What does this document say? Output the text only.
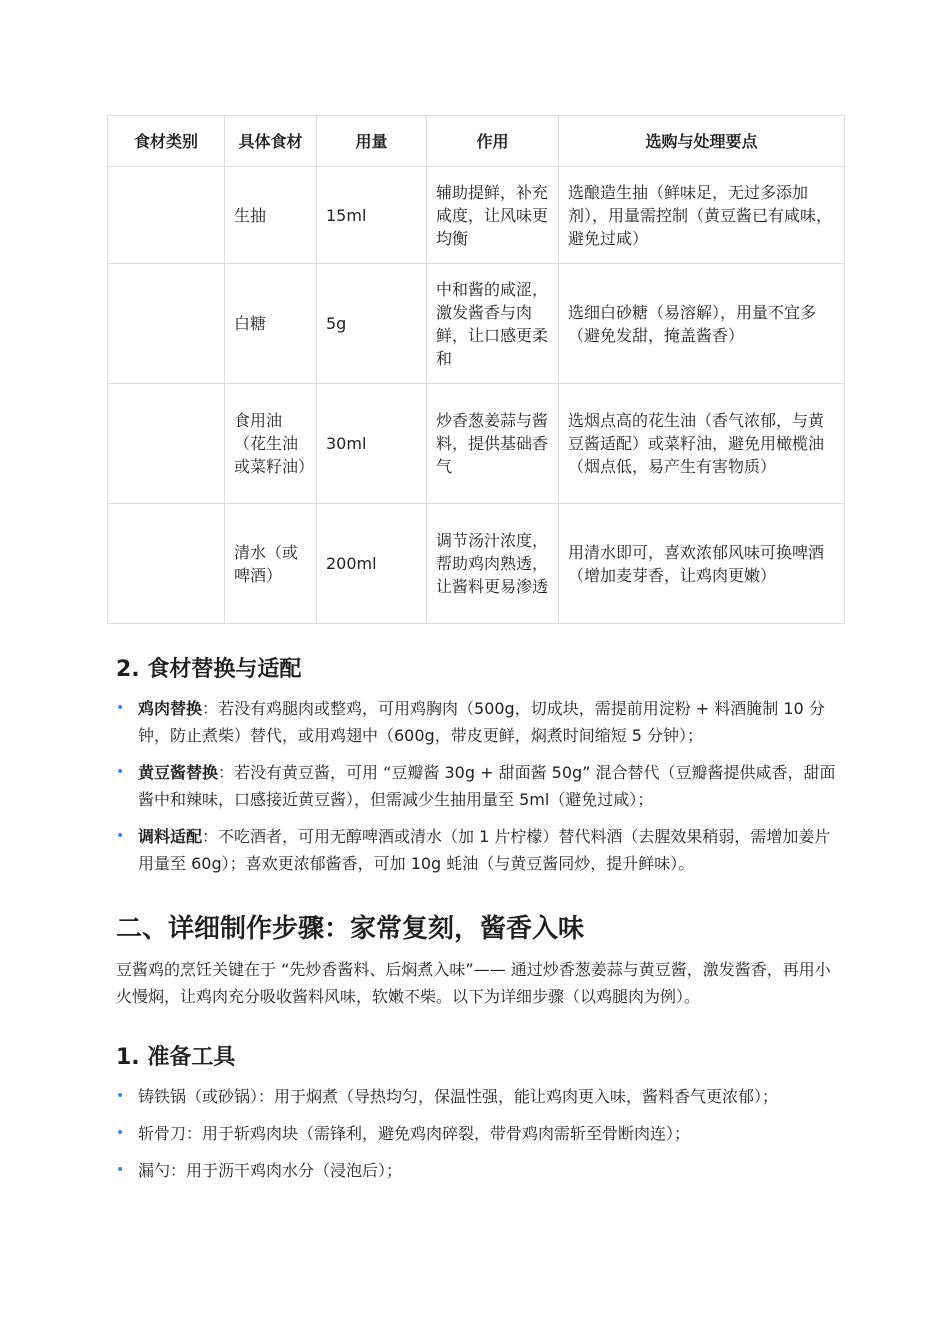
食材类别	具体食材	用量	作用	选购与处理要点
	生抽	15ml	辅助提鲜，补充咸度，让风味更均衡	选酿造生抽（鲜味足，无过多添加剂），用量需控制（黄豆酱已有咸味，避免过咸）
	白糖	5g	中和酱的咸涩，激发酱香与肉鲜，让口感更柔和	选细白砂糖（易溶解），用量不宜多（避免发甜，掩盖酱香）
	食用油（花生油或菜籽油）	30ml	炒香葱姜蒜与酱料，提供基础香气	选烟点高的花生油（香气浓郁，与黄豆酱适配）或菜籽油，避免用橄榄油（烟点低，易产生有害物质）
	清水（或啤酒）	200ml	调节汤汁浓度，帮助鸡肉熟透，让酱料更易渗透	用清水即可，喜欢浓郁风味可换啤酒（增加麦芽香，让鸡肉更嫩）
2. 食材替换与适配
• 鸡肉替换：若没有鸡腿肉或整鸡，可用鸡胸肉（500g，切成块，需提前用淀粉 + 料酒腌制 10 分钟，防止煮柴）替代，或用鸡翅中（600g，带皮更鲜，焖煮时间缩短 5 分钟）；
• 黄豆酱替换：若没有黄豆酱，可用 “豆瓣酱 30g + 甜面酱 50g” 混合替代（豆瓣酱提供咸香，甜面酱中和辣味，口感接近黄豆酱），但需减少生抽用量至 5ml（避免过咸）；
• 调料适配：不吃酒者，可用无醇啤酒或清水（加 1 片柠檬）替代料酒（去腥效果稍弱，需增加姜片用量至 60g）；喜欢更浓郁酱香，可加 10g 蚝油（与黄豆酱同炒，提升鲜味）。
二、详细制作步骤：家常复刻，酱香入味

豆酱鸡的烹饪关键在于 “先炒香酱料、后焖煮入味”—— 通过炒香葱姜蒜与黄豆酱，激发酱香，再用小火慢焖，让鸡肉充分吸收酱料风味，软嫩不柴。以下为详细步骤（以鸡腿肉为例）。

1. 准备工具
• 铸铁锅（或砂锅）：用于焖煮（导热均匀，保温性强，能让鸡肉更入味，酱料香气更浓郁）；
• 斩骨刀：用于斩鸡肉块（需锋利，避免鸡肉碎裂，带骨鸡肉需斩至骨断肉连）；
• 漏勺：用于沥干鸡肉水分（浸泡后）；
